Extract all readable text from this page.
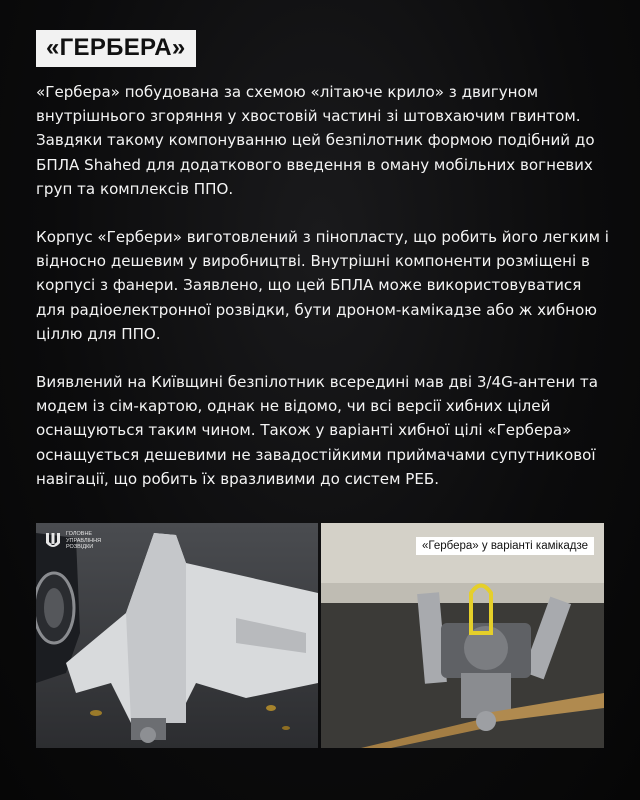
«ГЕРБЕРА»

«Гербера» побудована за схемою «літаюче крило» з двигуном внутрішнього згоряння у хвостовій частині зі штовхаючим гвинтом. Завдяки такому компонуванню цей безпілотник формою подібний до БПЛА Shahed для додаткового введення в оману мобільних вогневих груп та комплексів ППО.

Корпус «Гербери» виготовлений з пінопласту, що робить його легким і відносно дешевим у виробництві. Внутрішні компоненти розміщені в корпусі з фанери. Заявлено, що цей БПЛА може використовуватися для радіоелектронної розвідки, бути дроном-камікадзе або ж хибною ціллю для ППО.

Виявлений на Київщині безпілотник всередині мав дві 3/4G-антени та модем із сім-картою, однак не відомо, чи всі версії хибних цілей оснащуються таким чином. Також у варіанті хибної цілі «Гербера» оснащується дешевими не завадостійкими приймачами супутникової навігації, що робить їх вразливими до систем РЕБ.

ГОЛОВНЕ УПРАВЛІННЯ РОЗВІДКИ	«Гербера» у варіанті камікадзе
